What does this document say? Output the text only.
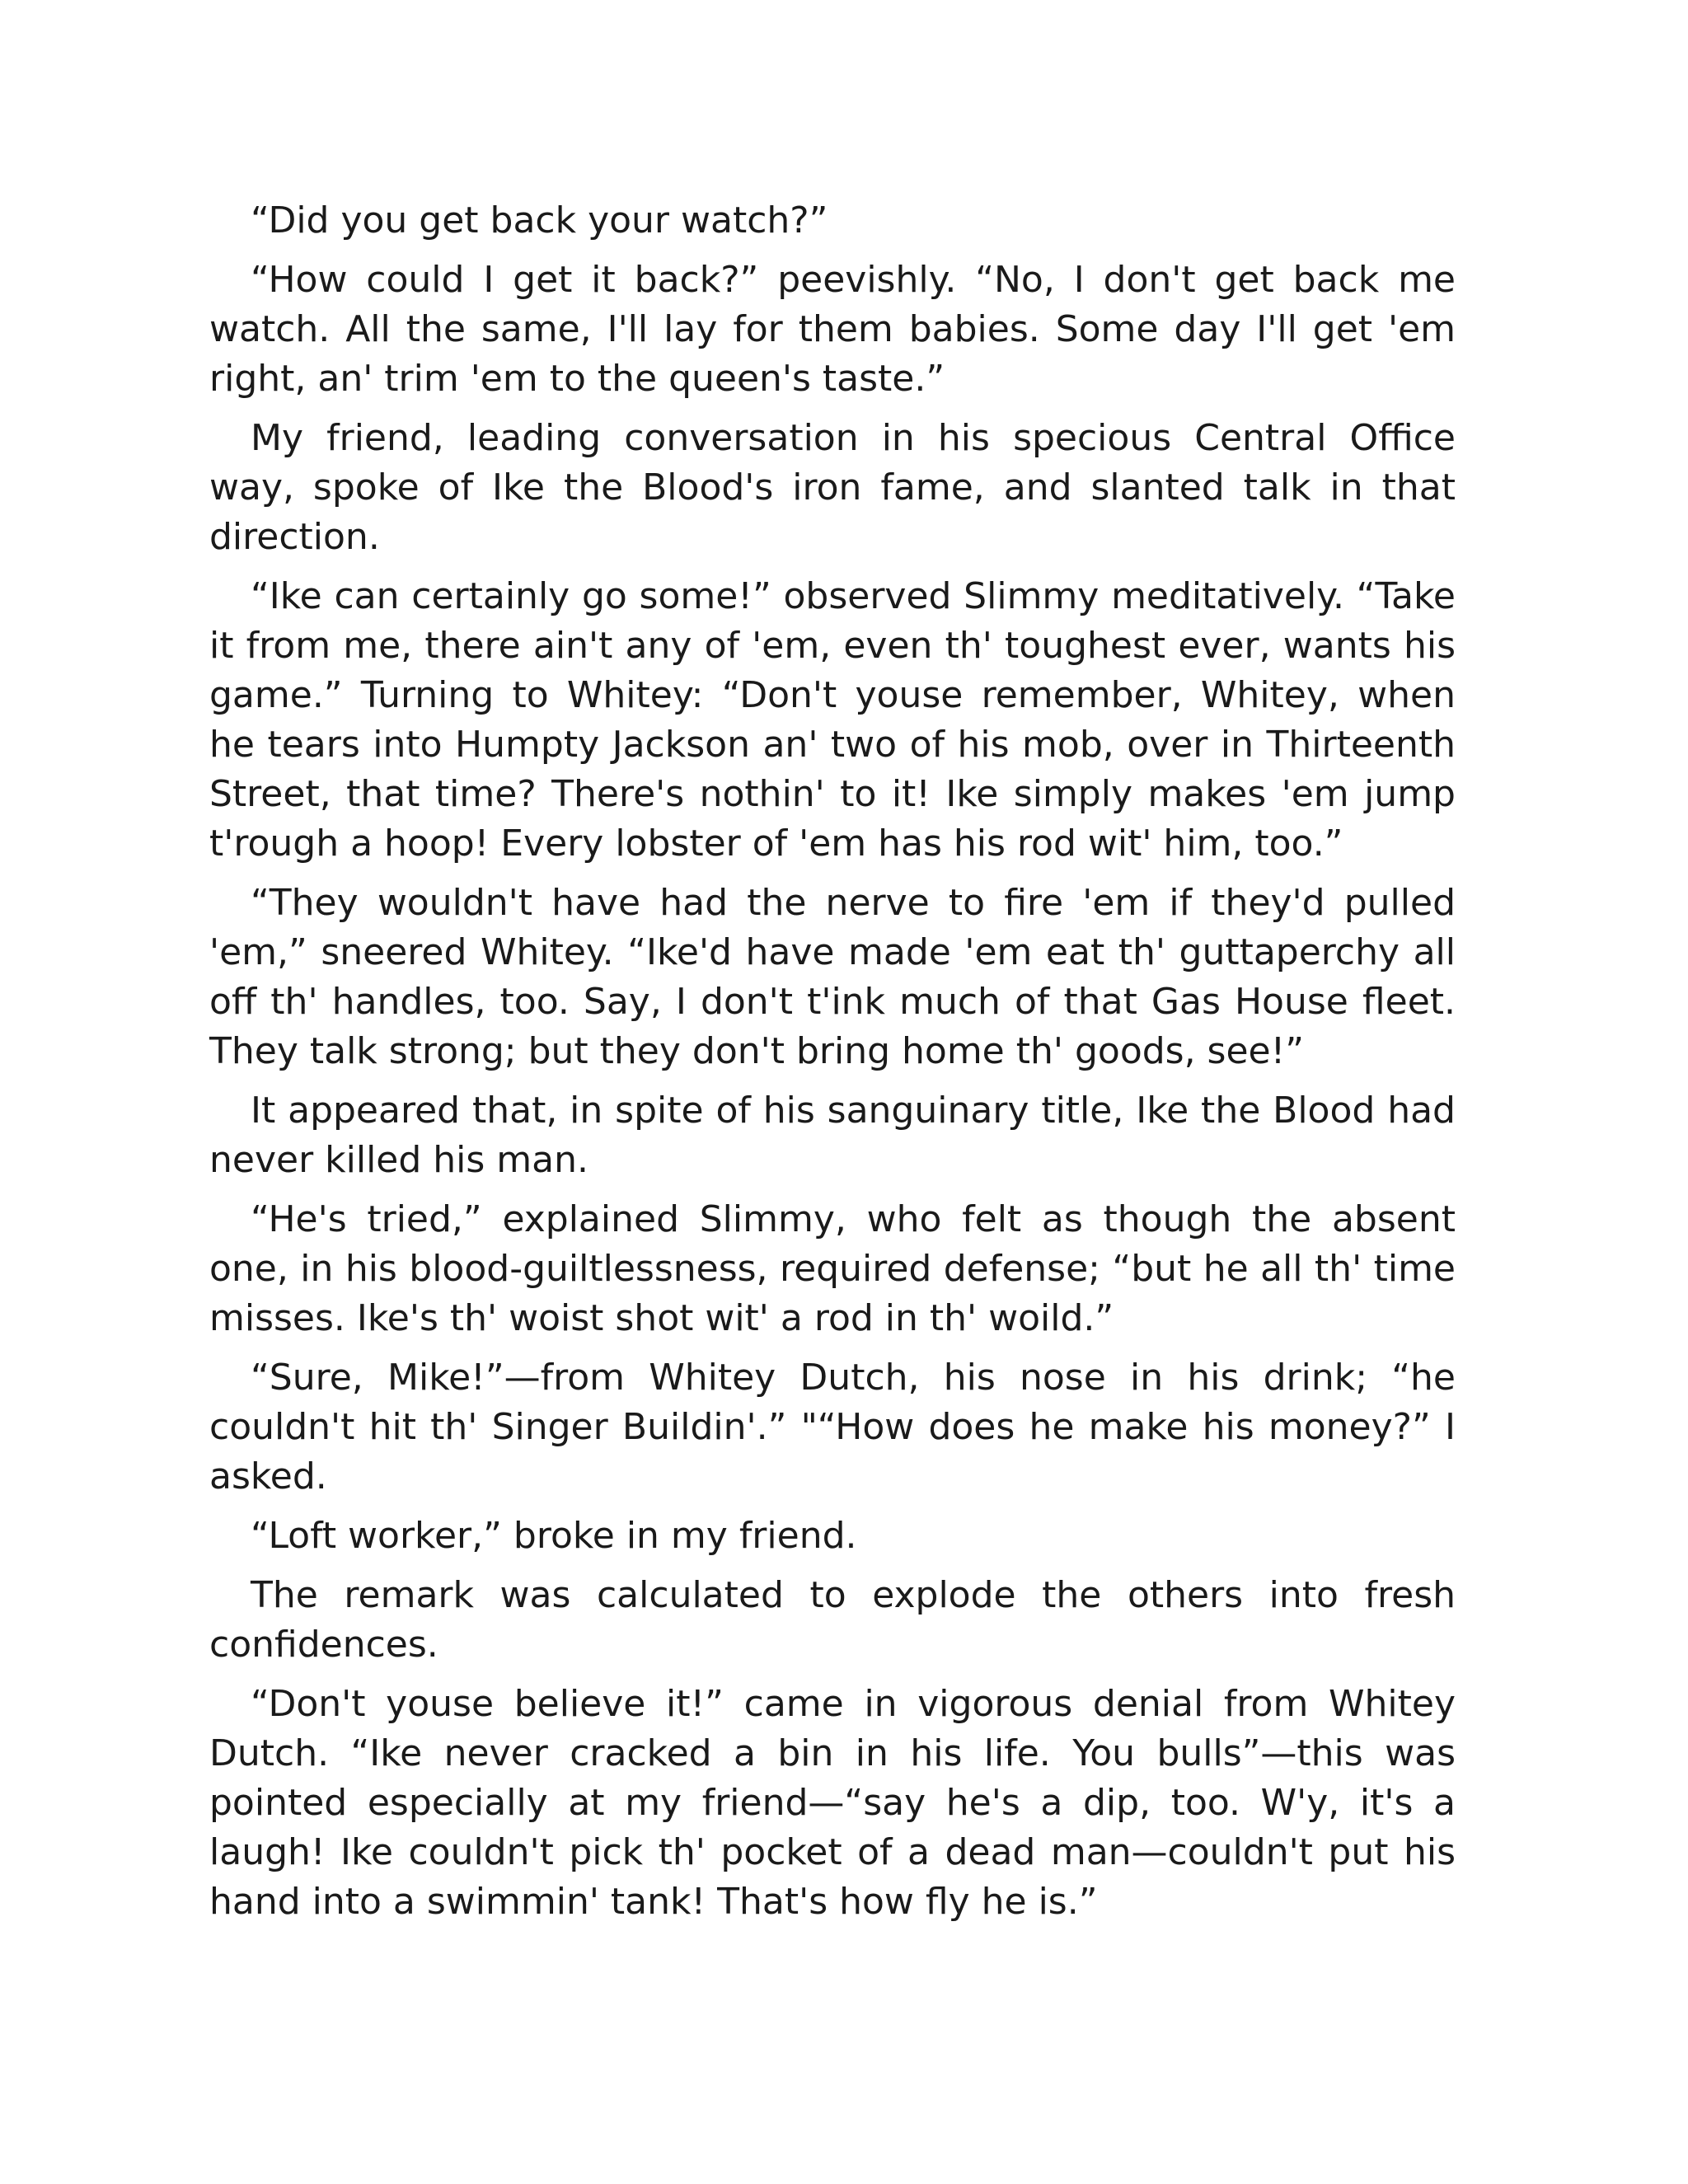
“Did you get back your watch?”

“How could I get it back?” peevishly. “No, I don't get back me watch. All the same, I'll lay for them babies. Some day I'll get 'em right, an' trim 'em to the queen's taste.”

My friend, leading conversation in his specious Central Office way, spoke of Ike the Blood's iron fame, and slanted talk in that direction.

“Ike can certainly go some!” observed Slimmy meditatively. “Take it from me, there ain't any of 'em, even th' toughest ever, wants his game.” Turning to Whitey: “Don't youse remember, Whitey, when he tears into Humpty Jackson an' two of his mob, over in Thirteenth Street, that time? There's nothin' to it! Ike simply makes 'em jump t'rough a hoop! Every lobster of 'em has his rod wit' him, too.”

“They wouldn't have had the nerve to fire 'em if they'd pulled 'em,” sneered Whitey. “Ike'd have made 'em eat th' guttaperchy all off th' handles, too. Say, I don't t'ink much of that Gas House fleet. They talk strong; but they don't bring home th' goods, see!”

It appeared that, in spite of his sanguinary title, Ike the Blood had never killed his man.

“He's tried,” explained Slimmy, who felt as though the absent one, in his blood-guiltlessness, required defense; “but he all th' time misses. Ike's th' woist shot wit' a rod in th' woild.”

“Sure, Mike!”—from Whitey Dutch, his nose in his drink; “he couldn't hit th' Singer Buildin'.” "“How does he make his money?” I asked.

“Loft worker,” broke in my friend.

The remark was calculated to explode the others into fresh confidences.

“Don't youse believe it!” came in vigorous denial from Whitey Dutch. “Ike never cracked a bin in his life. You bulls”—this was pointed especially at my friend—“say he's a dip, too. W'y, it's a laugh! Ike couldn't pick th' pocket of a dead man—couldn't put his hand into a swimmin' tank! That's how fly he is.”
